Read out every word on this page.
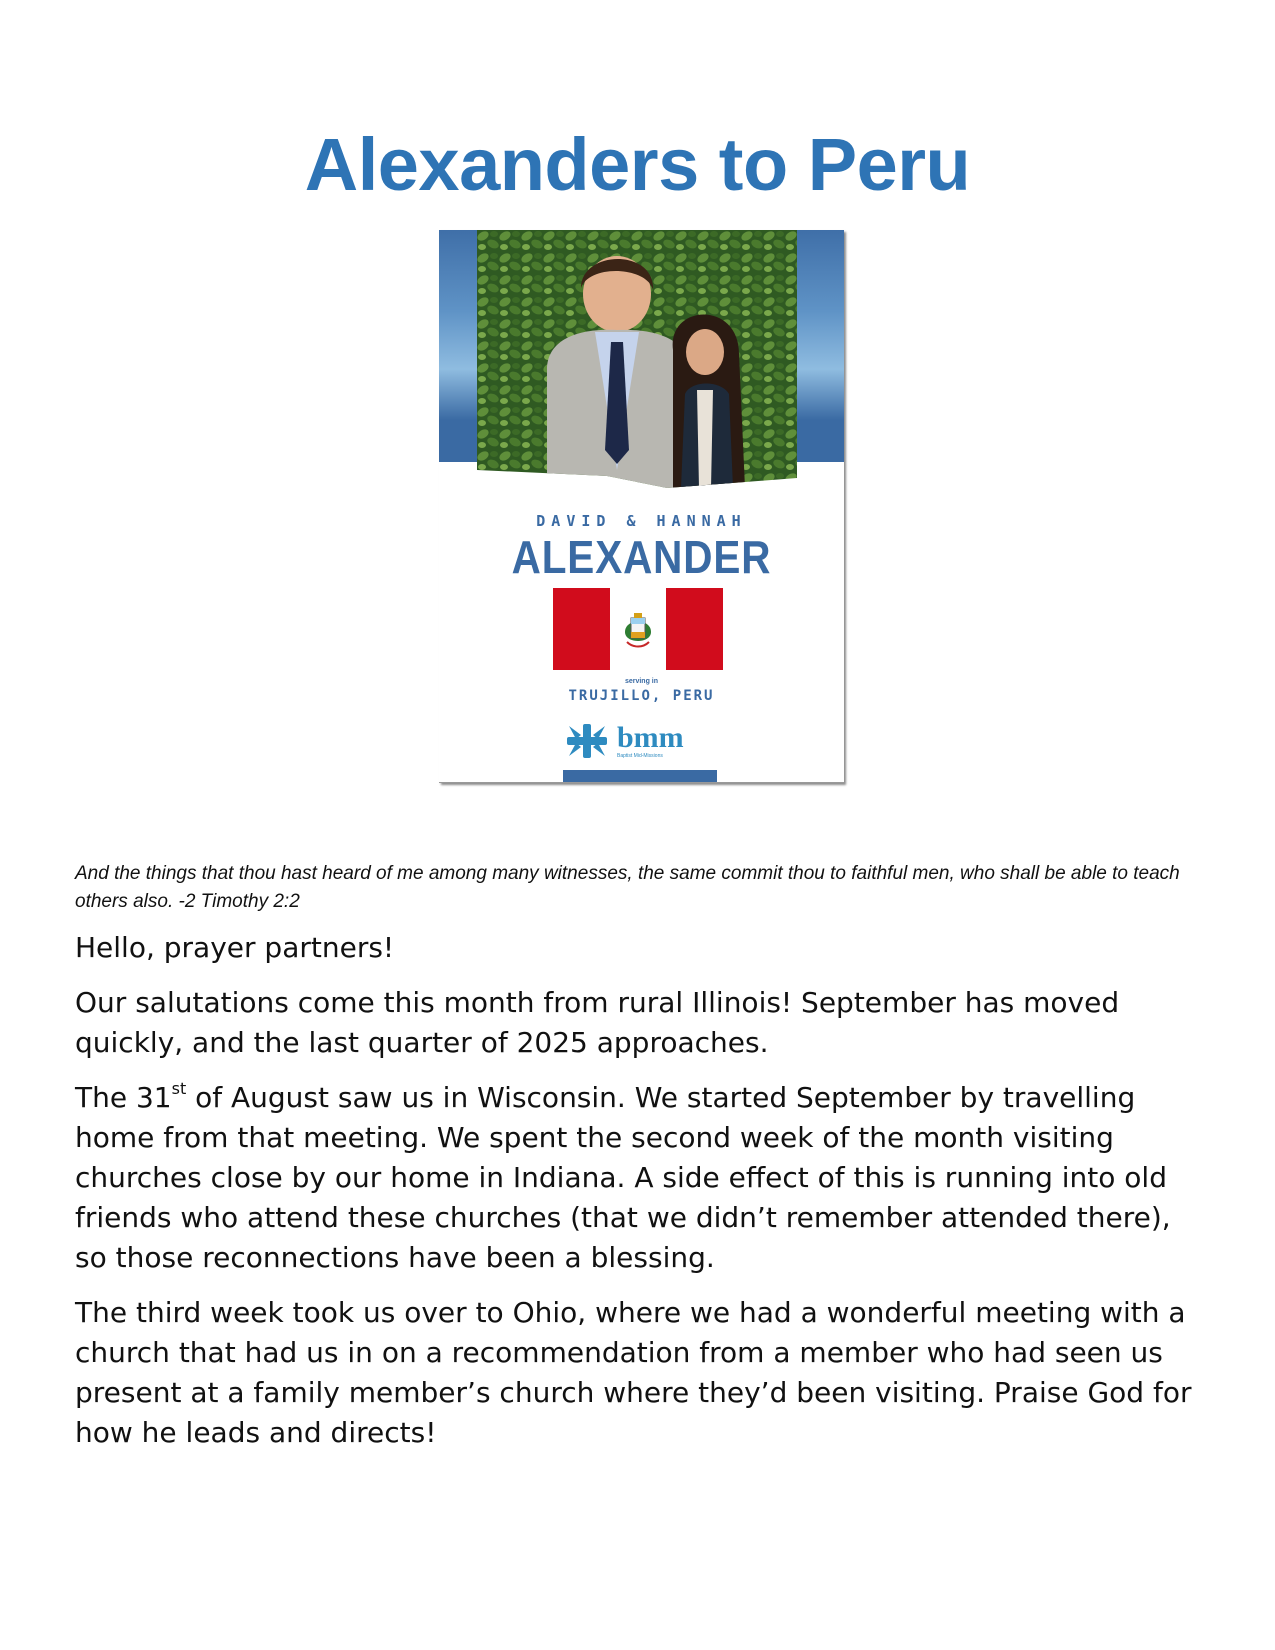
Alexanders to Peru
DAVID & HANNAH
ALEXANDER
serving in
TRUJILLO, PERU
bmm
Baptist Mid-Missions
And the things that thou hast heard of me among many witnesses, the same commit thou to faithful men, who shall be able to teach others also. -2 Timothy 2:2

Hello, prayer partners!

Our salutations come this month from rural Illinois! September has moved quickly, and the last quarter of 2025 approaches.

The 31st of August saw us in Wisconsin. We started September by travelling home from that meeting. We spent the second week of the month visiting churches close by our home in Indiana. A side effect of this is running into old friends who attend these churches (that we didn’t remember attended there), so those reconnections have been a blessing.

The third week took us over to Ohio, where we had a wonderful meeting with a church that had us in on a recommendation from a member who had seen us present at a family member’s church where they’d been visiting. Praise God for how he leads and directs!
